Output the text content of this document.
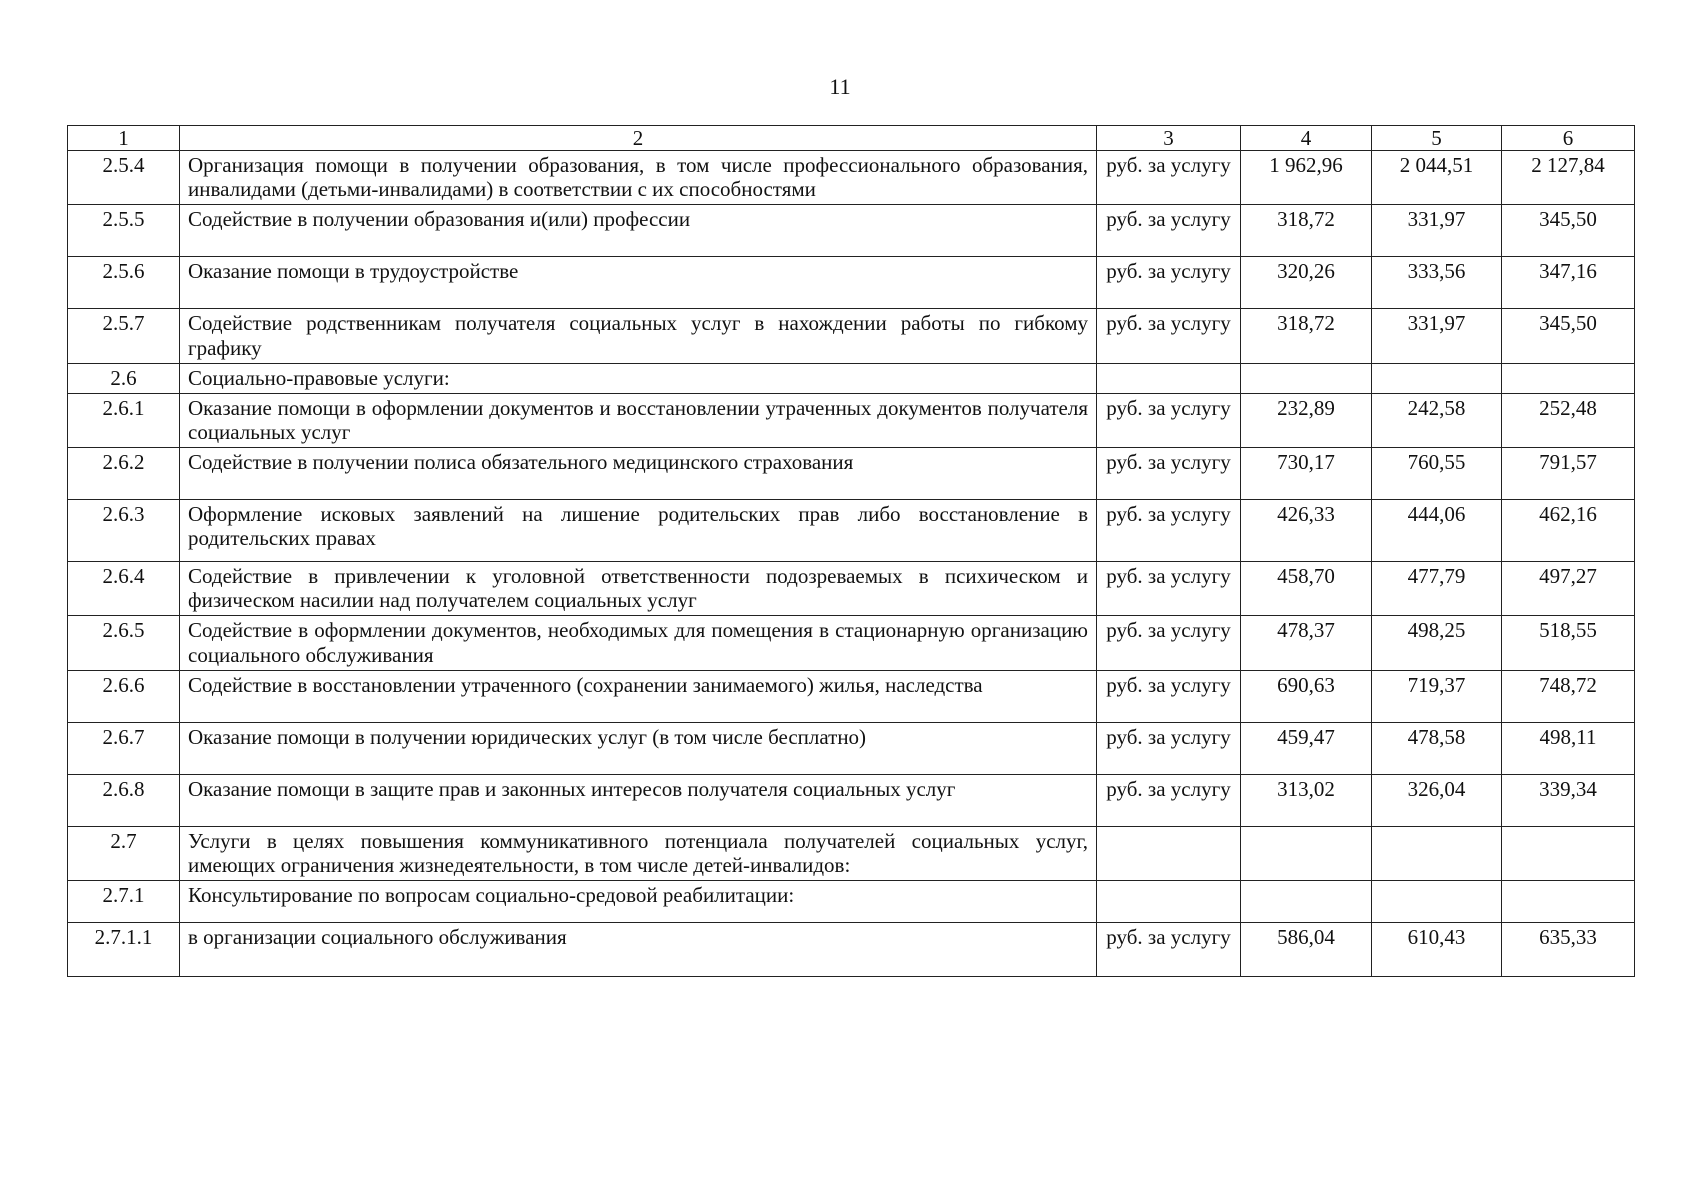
11
1	2	3	4	5	6
2.5.4	Организация помощи в получении образования, в том числе профессионального образования, инвалидами (детьми-инвалидами) в соответствии с их способностями	руб. за услугу	1 962,96	2 044,51	2 127,84
2.5.5	Содействие в получении образования и(или) профессии	руб. за услугу	318,72	331,97	345,50
2.5.6	Оказание помощи в трудоустройстве	руб. за услугу	320,26	333,56	347,16
2.5.7	Содействие родственникам получателя социальных услуг в нахождении работы по гибкому графику	руб. за услугу	318,72	331,97	345,50
2.6	Социально-правовые услуги:				
2.6.1	Оказание помощи в оформлении документов и восстановлении утраченных документов получателя социальных услуг	руб. за услугу	232,89	242,58	252,48
2.6.2	Содействие в получении полиса обязательного медицинского страхования	руб. за услугу	730,17	760,55	791,57
2.6.3	Оформление исковых заявлений на лишение родительских прав либо восстановление в родительских правах	руб. за услугу	426,33	444,06	462,16
2.6.4	Содействие в привлечении к уголовной ответственности подозреваемых в психическом и физическом насилии над получателем социальных услуг	руб. за услугу	458,70	477,79	497,27
2.6.5	Содействие в оформлении документов, необходимых для помещения в стационарную организацию социального обслуживания	руб. за услугу	478,37	498,25	518,55
2.6.6	Содействие в восстановлении утраченного (сохранении занимаемого) жилья, наследства	руб. за услугу	690,63	719,37	748,72
2.6.7	Оказание помощи в получении юридических услуг (в том числе бесплатно)	руб. за услугу	459,47	478,58	498,11
2.6.8	Оказание помощи в защите прав и законных интересов получателя социальных услуг	руб. за услугу	313,02	326,04	339,34
2.7	Услуги в целях повышения коммуникативного потенциала получателей социальных услуг, имеющих ограничения жизнедеятельности, в том числе детей-инвалидов:				
2.7.1	Консультирование по вопросам социально-средовой реабилитации:				
2.7.1.1	в организации социального обслуживания	руб. за услугу	586,04	610,43	635,33
